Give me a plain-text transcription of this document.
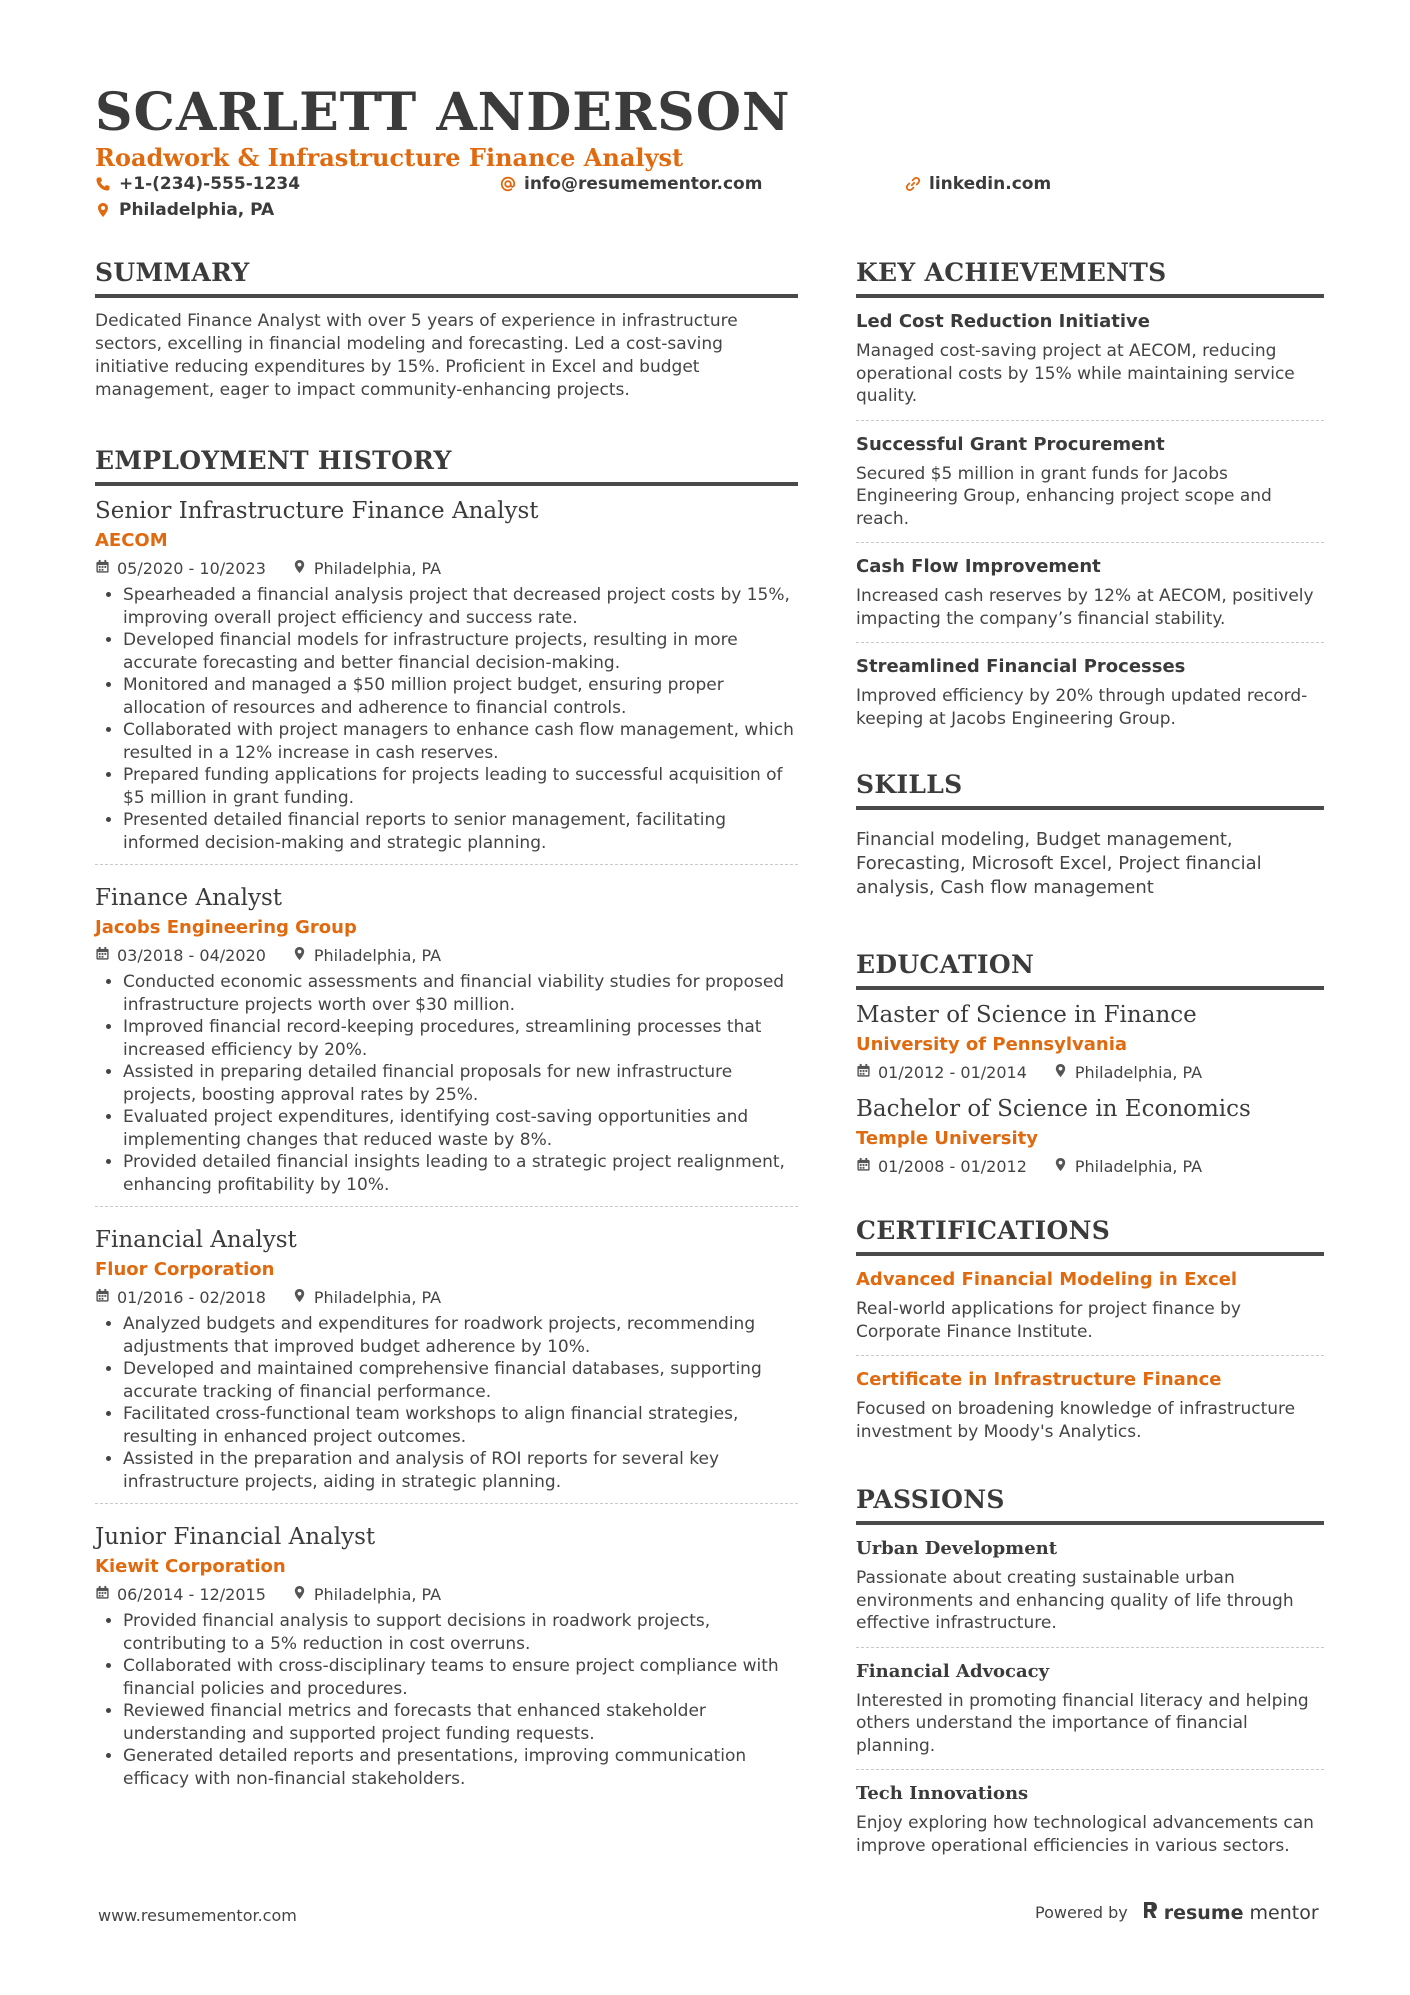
SCARLETT ANDERSON
Roadwork & Infrastructure Finance Analyst
+1-(234)-555-1234	info@resumementor.com	linkedin.com
Philadelphia, PA
SUMMARY
Dedicated Finance Analyst with over 5 years of experience in infrastructure sectors, excelling in financial modeling and forecasting. Led a cost-saving initiative reducing expenditures by 15%. Proficient in Excel and budget management, eager to impact community-enhancing projects.
EMPLOYMENT HISTORY
Senior Infrastructure Finance Analyst
AECOM
05/2020 - 10/2023	Philadelphia, PA
• Spearheaded a financial analysis project that decreased project costs by 15%, improving overall project efficiency and success rate.
• Developed financial models for infrastructure projects, resulting in more accurate forecasting and better financial decision-making.
• Monitored and managed a $50 million project budget, ensuring proper allocation of resources and adherence to financial controls.
• Collaborated with project managers to enhance cash flow management, which resulted in a 12% increase in cash reserves.
• Prepared funding applications for projects leading to successful acquisition of $5 million in grant funding.
• Presented detailed financial reports to senior management, facilitating informed decision-making and strategic planning.
Finance Analyst
Jacobs Engineering Group
03/2018 - 04/2020	Philadelphia, PA
• Conducted economic assessments and financial viability studies for proposed infrastructure projects worth over $30 million.
• Improved financial record-keeping procedures, streamlining processes that increased efficiency by 20%.
• Assisted in preparing detailed financial proposals for new infrastructure projects, boosting approval rates by 25%.
• Evaluated project expenditures, identifying cost-saving opportunities and implementing changes that reduced waste by 8%.
• Provided detailed financial insights leading to a strategic project realignment, enhancing profitability by 10%.
Financial Analyst
Fluor Corporation
01/2016 - 02/2018	Philadelphia, PA
• Analyzed budgets and expenditures for roadwork projects, recommending adjustments that improved budget adherence by 10%.
• Developed and maintained comprehensive financial databases, supporting accurate tracking of financial performance.
• Facilitated cross-functional team workshops to align financial strategies, resulting in enhanced project outcomes.
• Assisted in the preparation and analysis of ROI reports for several key infrastructure projects, aiding in strategic planning.
Junior Financial Analyst
Kiewit Corporation
06/2014 - 12/2015	Philadelphia, PA
• Provided financial analysis to support decisions in roadwork projects, contributing to a 5% reduction in cost overruns.
• Collaborated with cross-disciplinary teams to ensure project compliance with financial policies and procedures.
• Reviewed financial metrics and forecasts that enhanced stakeholder understanding and supported project funding requests.
• Generated detailed reports and presentations, improving communication efficacy with non-financial stakeholders.
KEY ACHIEVEMENTS
Led Cost Reduction Initiative
Managed cost-saving project at AECOM, reducing operational costs by 15% while maintaining service quality.
Successful Grant Procurement
Secured $5 million in grant funds for Jacobs Engineering Group, enhancing project scope and reach.
Cash Flow Improvement
Increased cash reserves by 12% at AECOM, positively impacting the company’s financial stability.
Streamlined Financial Processes
Improved efficiency by 20% through updated record-keeping at Jacobs Engineering Group.
SKILLS
Financial modeling, Budget management, Forecasting, Microsoft Excel, Project financial analysis, Cash flow management
EDUCATION
Master of Science in Finance
University of Pennsylvania
01/2012 - 01/2014	Philadelphia, PA
Bachelor of Science in Economics
Temple University
01/2008 - 01/2012	Philadelphia, PA
CERTIFICATIONS
Advanced Financial Modeling in Excel
Real-world applications for project finance by Corporate Finance Institute.
Certificate in Infrastructure Finance
Focused on broadening knowledge of infrastructure investment by Moody's Analytics.
PASSIONS
Urban Development
Passionate about creating sustainable urban environments and enhancing quality of life through effective infrastructure.
Financial Advocacy
Interested in promoting financial literacy and helping others understand the importance of financial planning.
Tech Innovations
Enjoy exploring how technological advancements can improve operational efficiencies in various sectors.
www.resumementor.com	Powered by resume mentor
